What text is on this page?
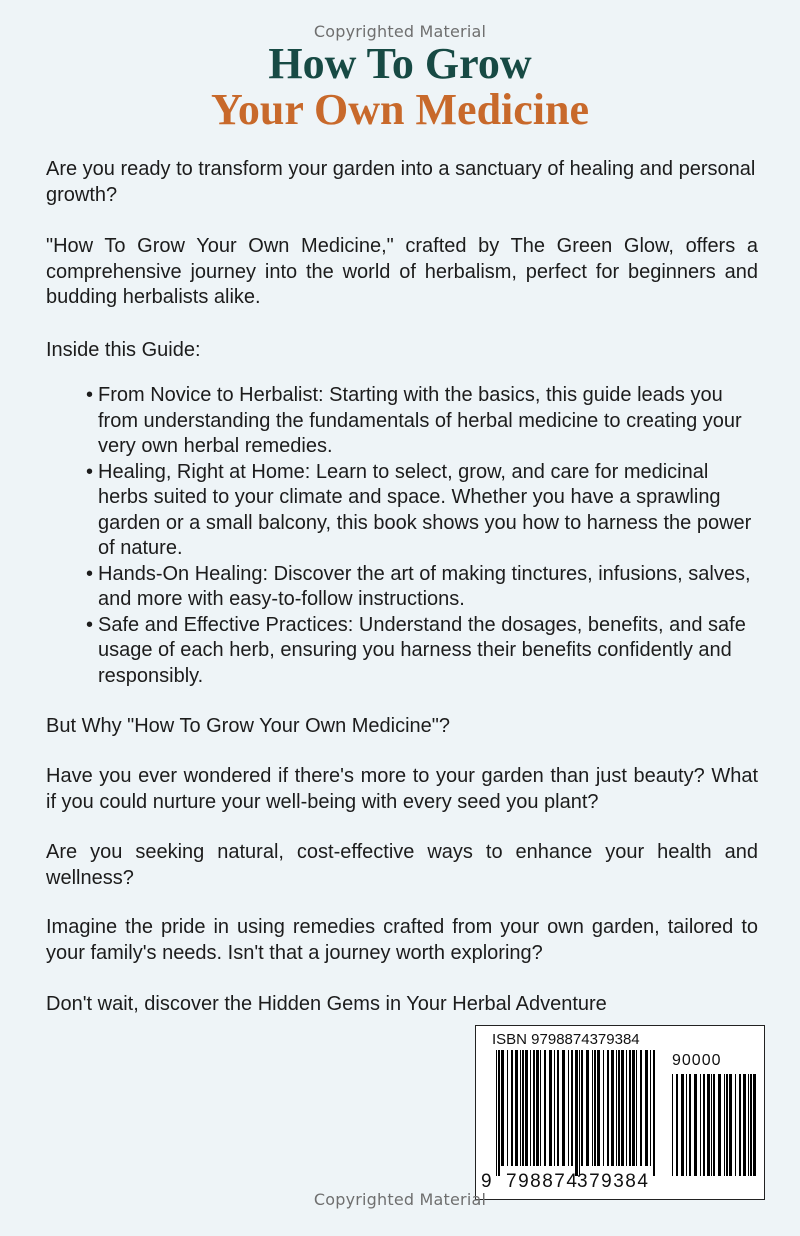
Copyrighted Material
How To Grow
Your Own Medicine

Are you ready to transform your garden into a sanctuary of healing and personal growth?

"How To Grow Your Own Medicine," crafted by The Green Glow, offers a comprehensive journey into the world of herbalism, perfect for beginners and budding herbalists alike.

Inside this Guide:

• From Novice to Herbalist: Starting with the basics, this guide leads you from understanding the fundamentals of herbal medicine to creating your very own herbal remedies.
• Healing, Right at Home: Learn to select, grow, and care for medicinal herbs suited to your climate and space. Whether you have a sprawling garden or a small balcony, this book shows you how to harness the power of nature.
• Hands-On Healing: Discover the art of making tinctures, infusions, salves, and more with easy-to-follow instructions.
• Safe and Effective Practices: Understand the dosages, benefits, and safe usage of each herb, ensuring you harness their benefits confidently and responsibly.

But Why "How To Grow Your Own Medicine"?

Have you ever wondered if there's more to your garden than just beauty? What if you could nurture your well-being with every seed you plant?

Are you seeking natural, cost-effective ways to enhance your health and wellness?

Imagine the pride in using remedies crafted from your own garden, tailored to your family's needs. Isn't that a journey worth exploring?

Don't wait, discover the Hidden Gems in Your Herbal Adventure

ISBN 9798874379384
90000
9 798874
379384
Copyrighted Material
